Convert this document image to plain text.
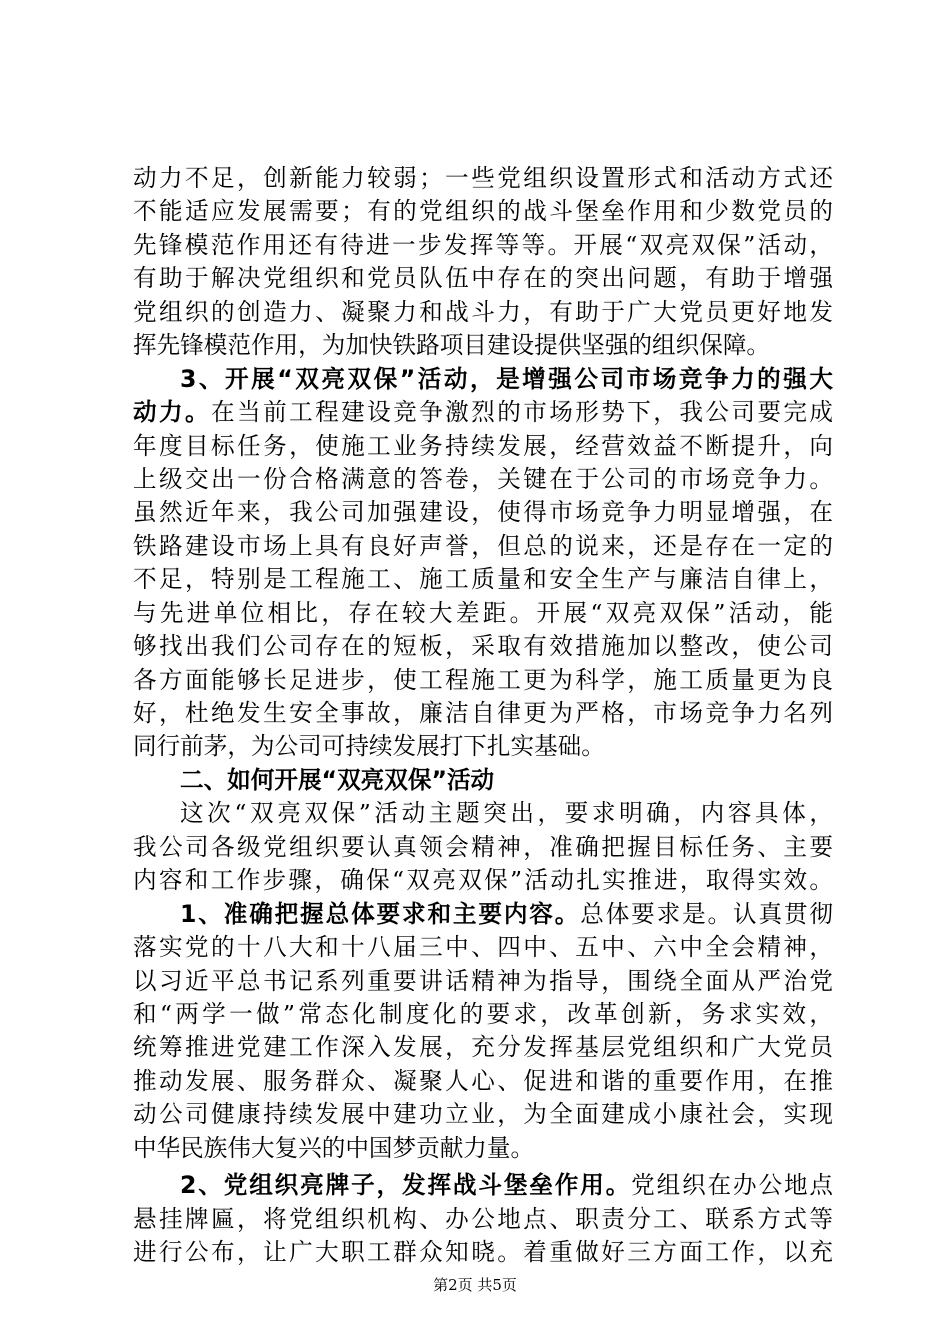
动力不足，创新能力较弱；一些党组织设置形式和活动方式还
不能适应发展需要；有的党组织的战斗堡垒作用和少数党员的
先锋模范作用还有待进一步发挥等等。开展“双亮双保”活动，
有助于解决党组织和党员队伍中存在的突出问题，有助于增强
党组织的创造力、凝聚力和战斗力，有助于广大党员更好地发
挥先锋模范作用，为加快铁路项目建设提供坚强的组织保障。
3、开展“双亮双保”活动，是增强公司市场竞争力的强大
动力。在当前工程建设竞争激烈的市场形势下，我公司要完成
年度目标任务，使施工业务持续发展，经营效益不断提升，向
上级交出一份合格满意的答卷，关键在于公司的市场竞争力。
虽然近年来，我公司加强建设，使得市场竞争力明显增强，在
铁路建设市场上具有良好声誉，但总的说来，还是存在一定的
不足，特别是工程施工、施工质量和安全生产与廉洁自律上，
与先进单位相比，存在较大差距。开展“双亮双保”活动，能
够找出我们公司存在的短板，采取有效措施加以整改，使公司
各方面能够长足进步，使工程施工更为科学，施工质量更为良
好，杜绝发生安全事故，廉洁自律更为严格，市场竞争力名列
同行前茅，为公司可持续发展打下扎实基础。
二、如何开展“双亮双保”活动
这次“双亮双保”活动主题突出，要求明确，内容具体，
我公司各级党组织要认真领会精神，准确把握目标任务、主要
内容和工作步骤，确保“双亮双保”活动扎实推进，取得实效。
1、准确把握总体要求和主要内容。总体要求是。认真贯彻
落实党的十八大和十八届三中、四中、五中、六中全会精神，
以习近平总书记系列重要讲话精神为指导，围绕全面从严治党
和“两学一做”常态化制度化的要求，改革创新，务求实效，
统筹推进党建工作深入发展，充分发挥基层党组织和广大党员
推动发展、服务群众、凝聚人心、促进和谐的重要作用，在推
动公司健康持续发展中建功立业，为全面建成小康社会，实现
中华民族伟大复兴的中国梦贡献力量。
2、党组织亮牌子，发挥战斗堡垒作用。党组织在办公地点
悬挂牌匾，将党组织机构、办公地点、职责分工、联系方式等
进行公布，让广大职工群众知晓。着重做好三方面工作，以充
第2页 共5页
